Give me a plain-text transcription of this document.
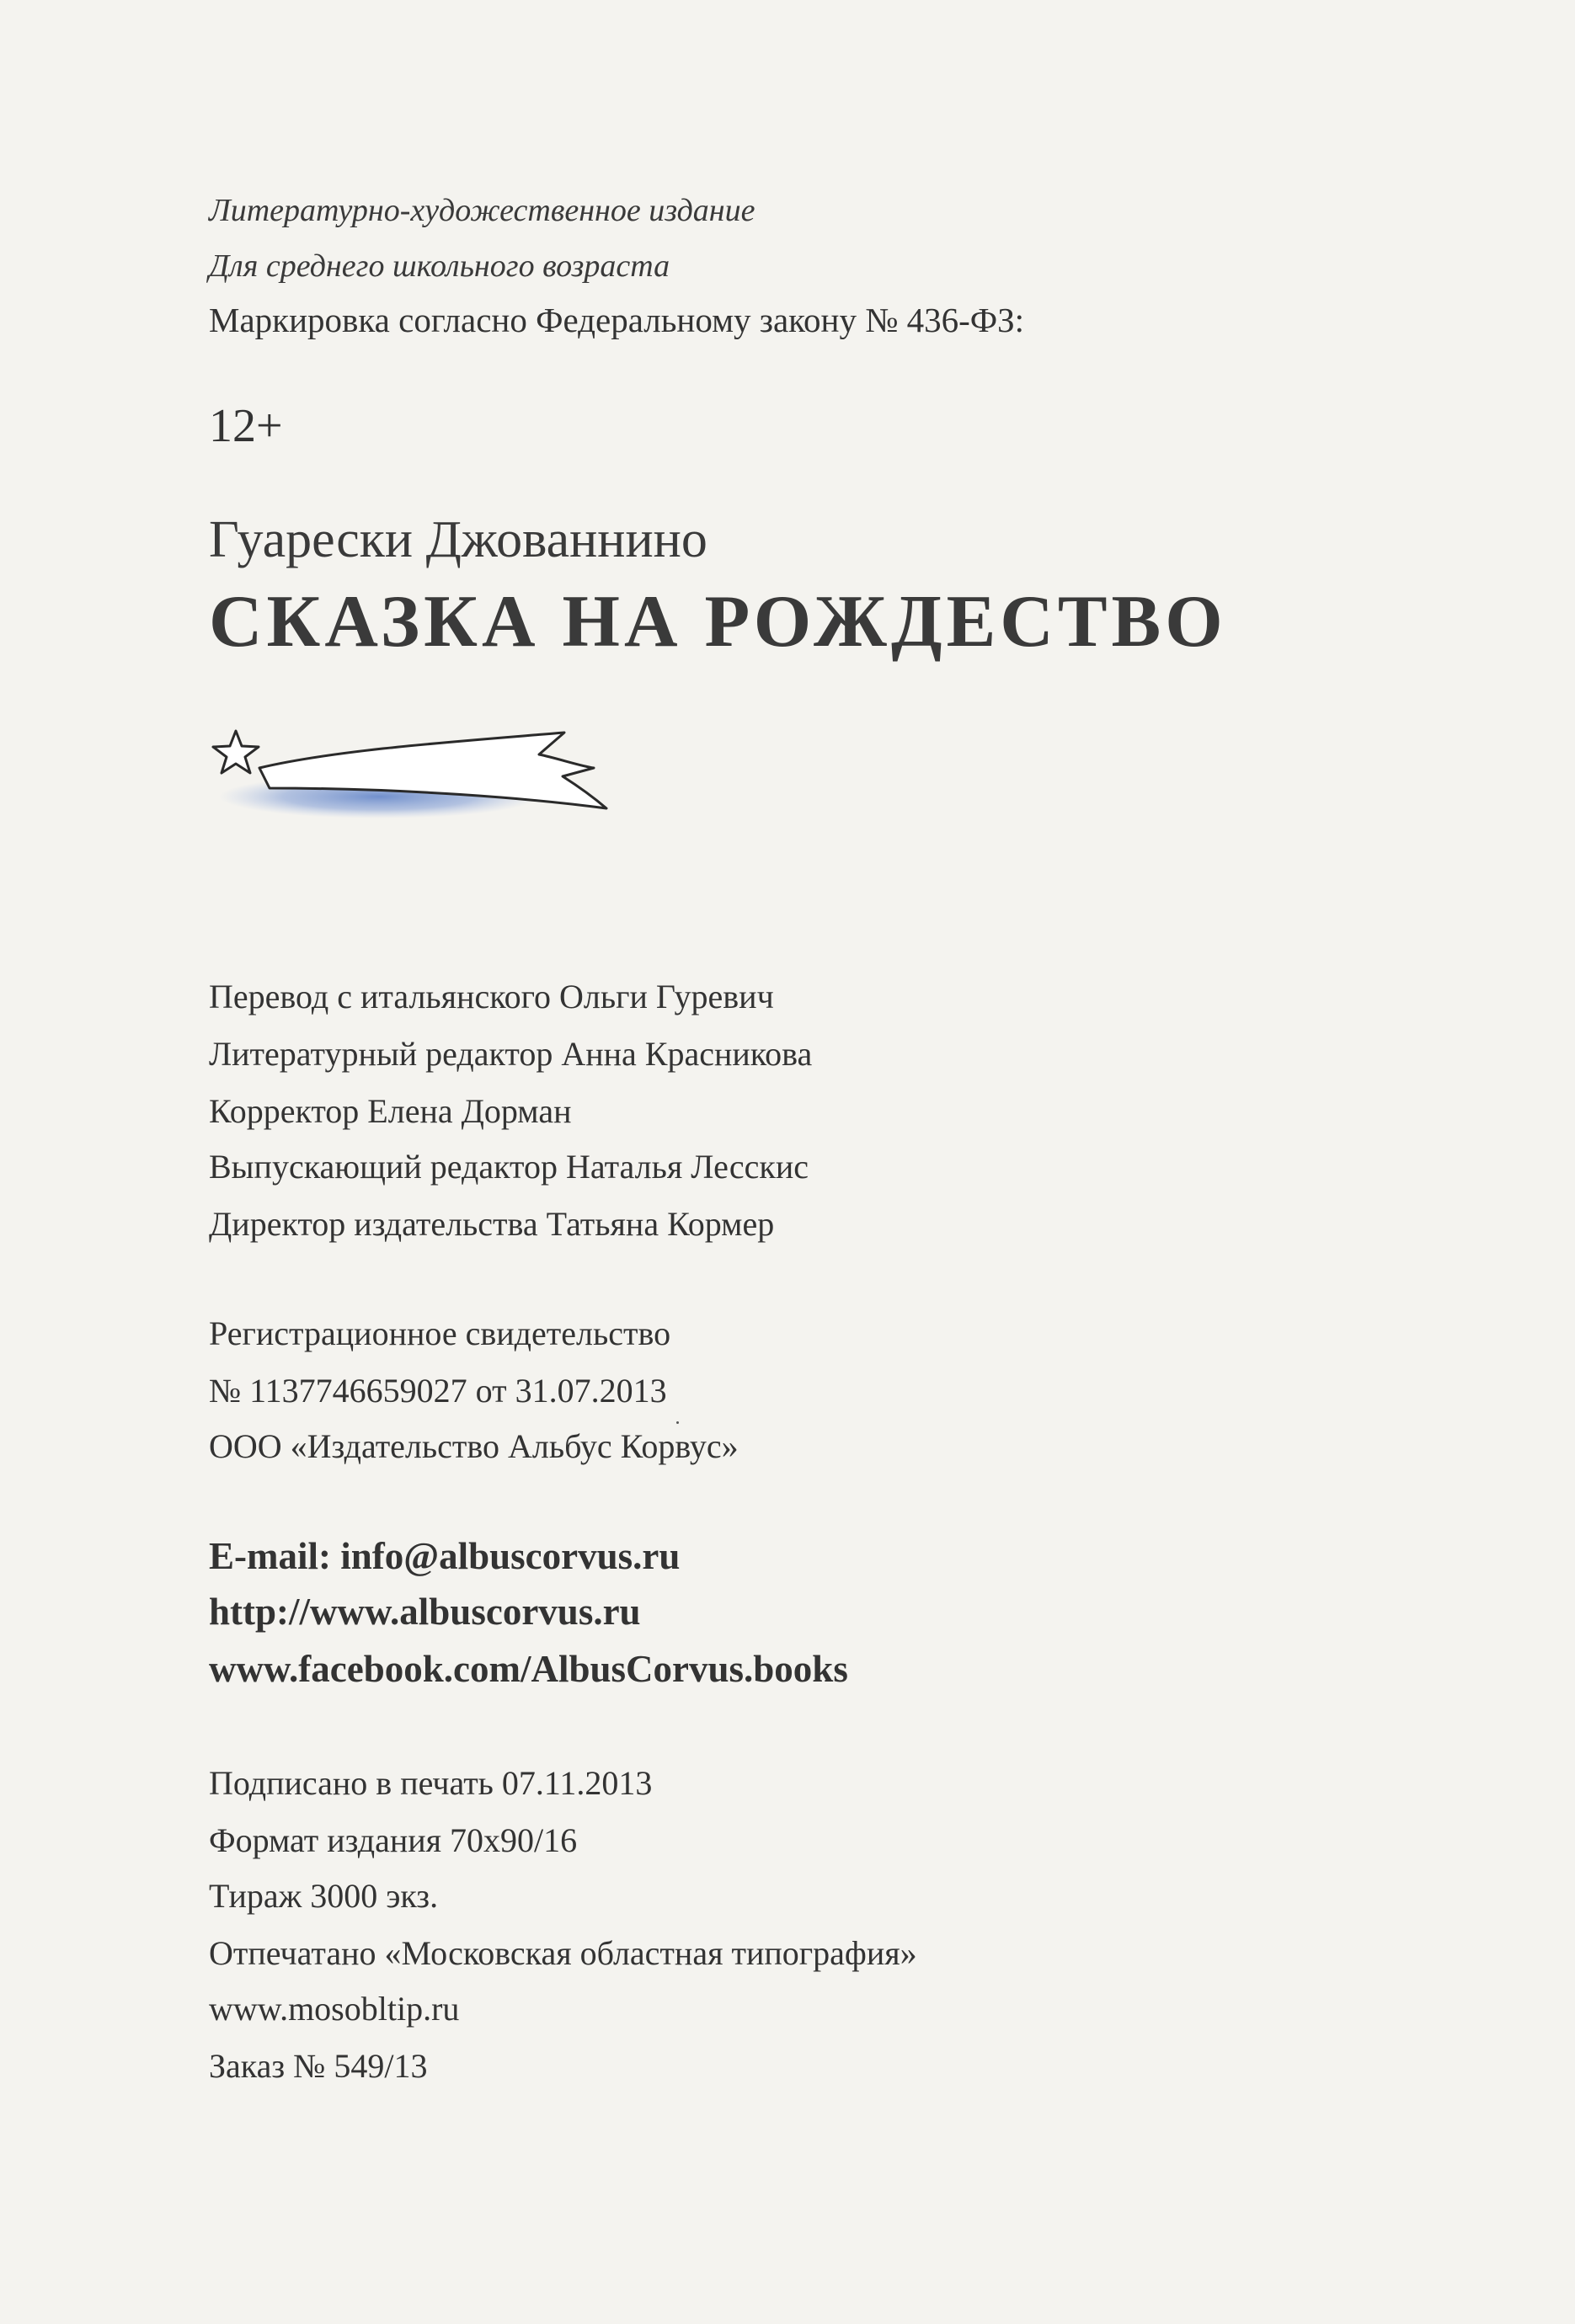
Литературно-художественное издание
Для среднего школьного возраста
Маркировка согласно Федеральному закону № 436-ФЗ:
12+
Гуарески Джованнино
СКАЗКА НА РОЖДЕСТВО
Перевод с итальянского Ольги Гуревич
Литературный редактор Анна Красникова
Корректор Елена Дорман
Выпускающий редактор Наталья Лесскис
Директор издательства Татьяна Кормер
Регистрационное свидетельство
№ 1137746659027 от 31.07.2013
ООО «Издательство Альбус Корвус»
E-mail: info@albuscorvus.ru
http://www.albuscorvus.ru
www.facebook.com/AlbusCorvus.books
Подписано в печать 07.11.2013
Формат издания 70x90/16
Тираж 3000 экз.
Отпечатано «Московская областная типография»
www.mosobltip.ru
Заказ № 549/13
